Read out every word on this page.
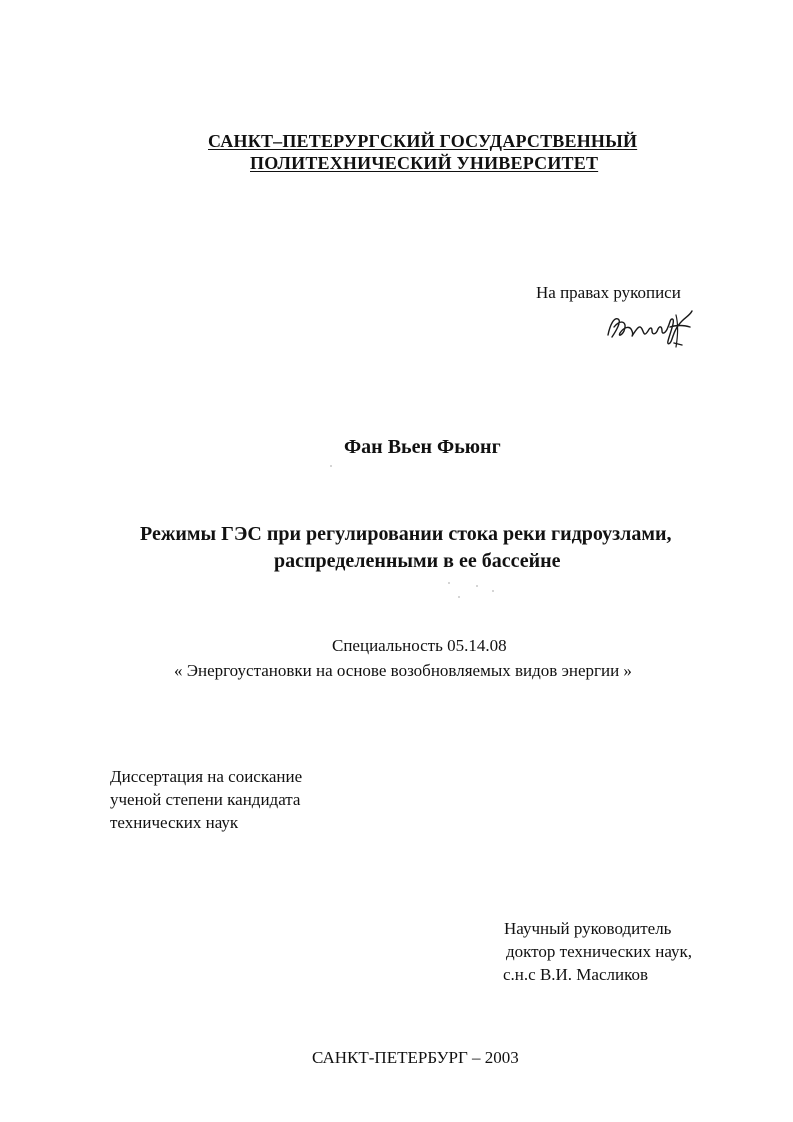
САНКТ–ПЕТЕРУРГСКИЙ ГОСУДАРСТВЕННЫЙ
ПОЛИТЕХНИЧЕСКИЙ УНИВЕРСИТЕТ
На правах рукописи
Фан Вьен Фьюнг
Режимы ГЭС при регулировании стока реки гидроузлами,
распределенными в ее бассейне
Специальность 05.14.08
« Энергоустановки на основе возобновляемых видов энергии »
Диссертация на соискание
ученой степени кандидата
технических наук
Научный руководитель
доктор технических наук,
с.н.с В.И. Масликов
САНКТ-ПЕТЕРБУРГ – 2003
